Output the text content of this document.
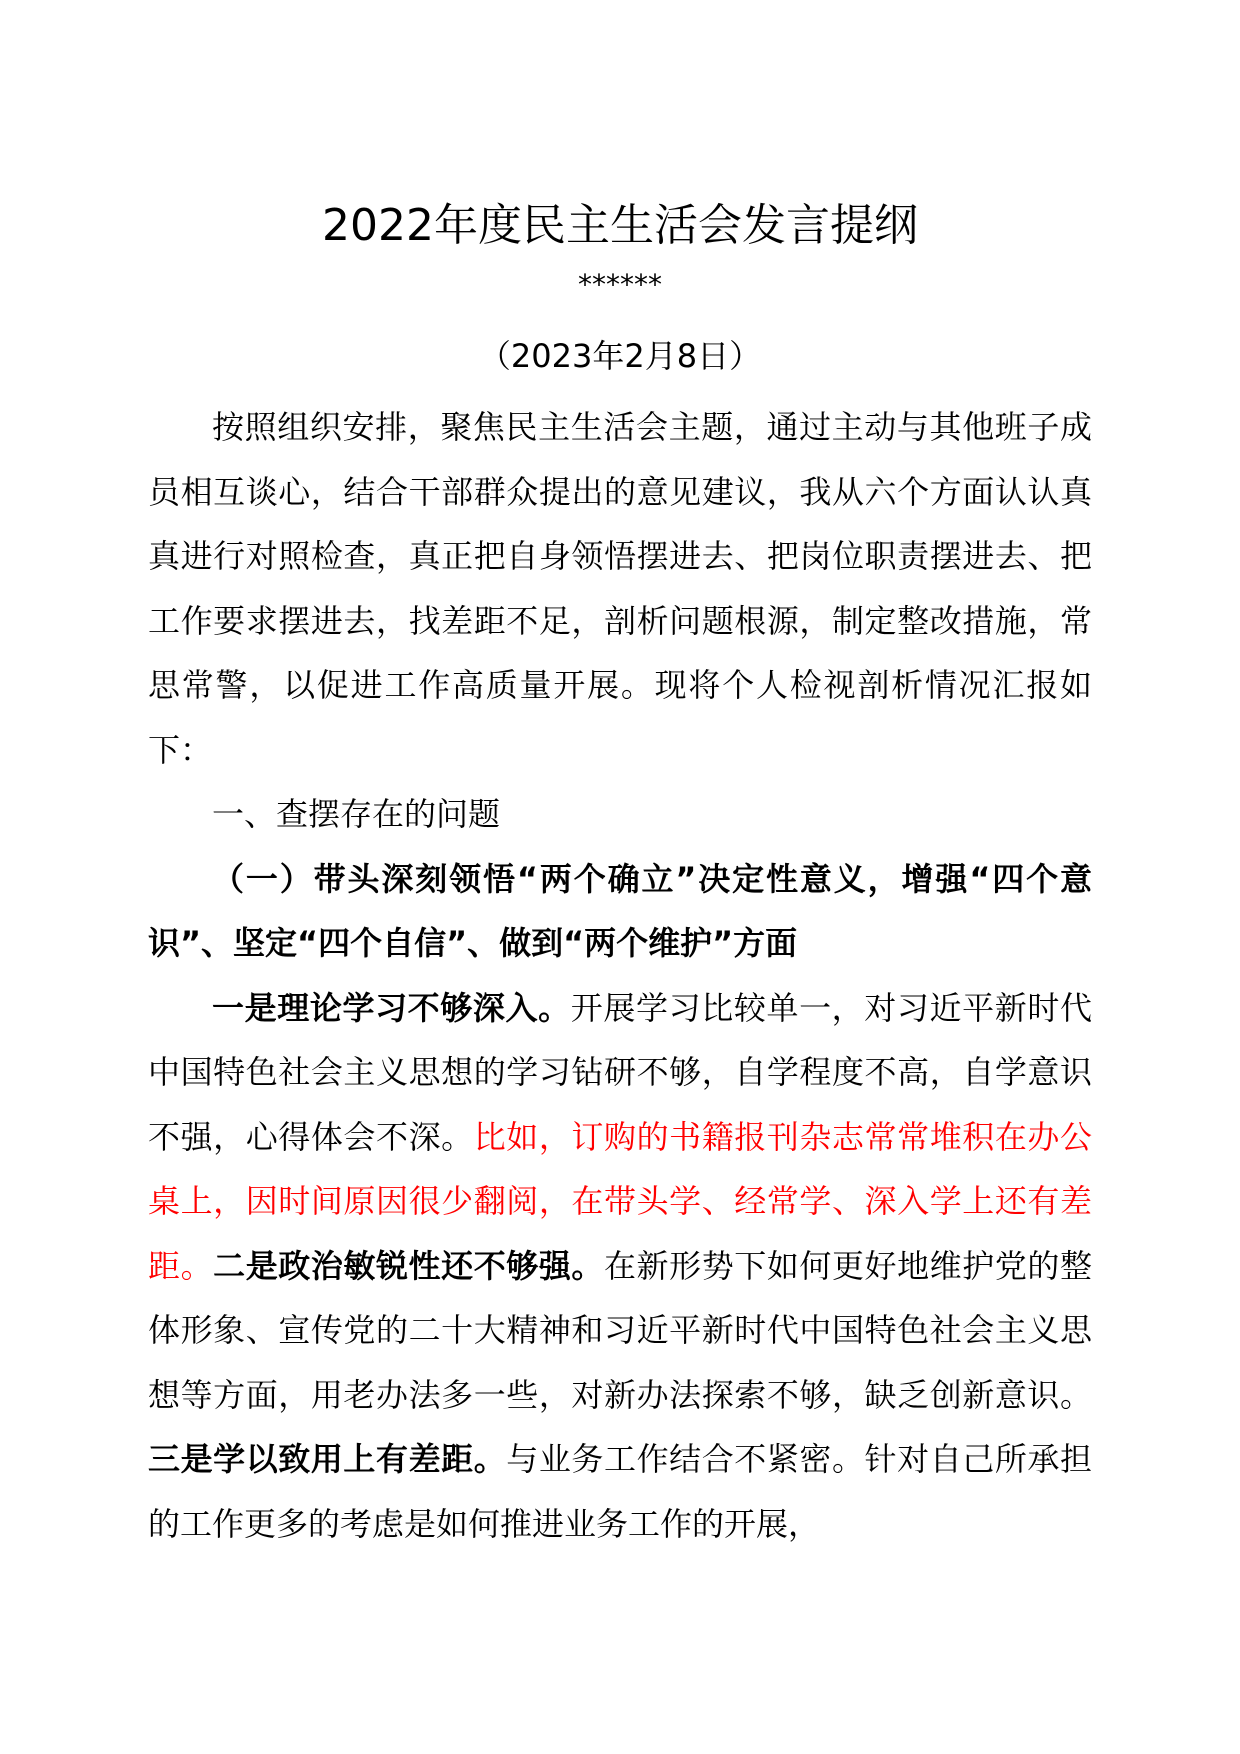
2022年度民主生活会发言提纲
******
（2023年2月8日）

按照组织安排，聚焦民主生活会主题，通过主动与其他班子成员相互谈心，结合干部群众提出的意见建议，我从六个方面认认真真进行对照检查，真正把自身领悟摆进去、把岗位职责摆进去、把工作要求摆进去，找差距不足，剖析问题根源，制定整改措施，常思常警，以促进工作高质量开展。现将个人检视剖析情况汇报如下：

一、查摆存在的问题

（一）带头深刻领悟“两个确立”决定性意义，增强“四个意识”、坚定“四个自信”、做到“两个维护”方面

一是理论学习不够深入。开展学习比较单一，对习近平新时代中国特色社会主义思想的学习钻研不够，自学程度不高，自学意识不强，心得体会不深。比如，订购的书籍报刊杂志常常堆积在办公桌上，因时间原因很少翻阅，在带头学、经常学、深入学上还有差距。二是政治敏锐性还不够强。在新形势下如何更好地维护党的整体形象、宣传党的二十大精神和习近平新时代中国特色社会主义思想等方面，用老办法多一些，对新办法探索不够，缺乏创新意识。三是学以致用上有差距。与业务工作结合不紧密。针对自己所承担的工作更多的考虑是如何推进业务工作的开展，
